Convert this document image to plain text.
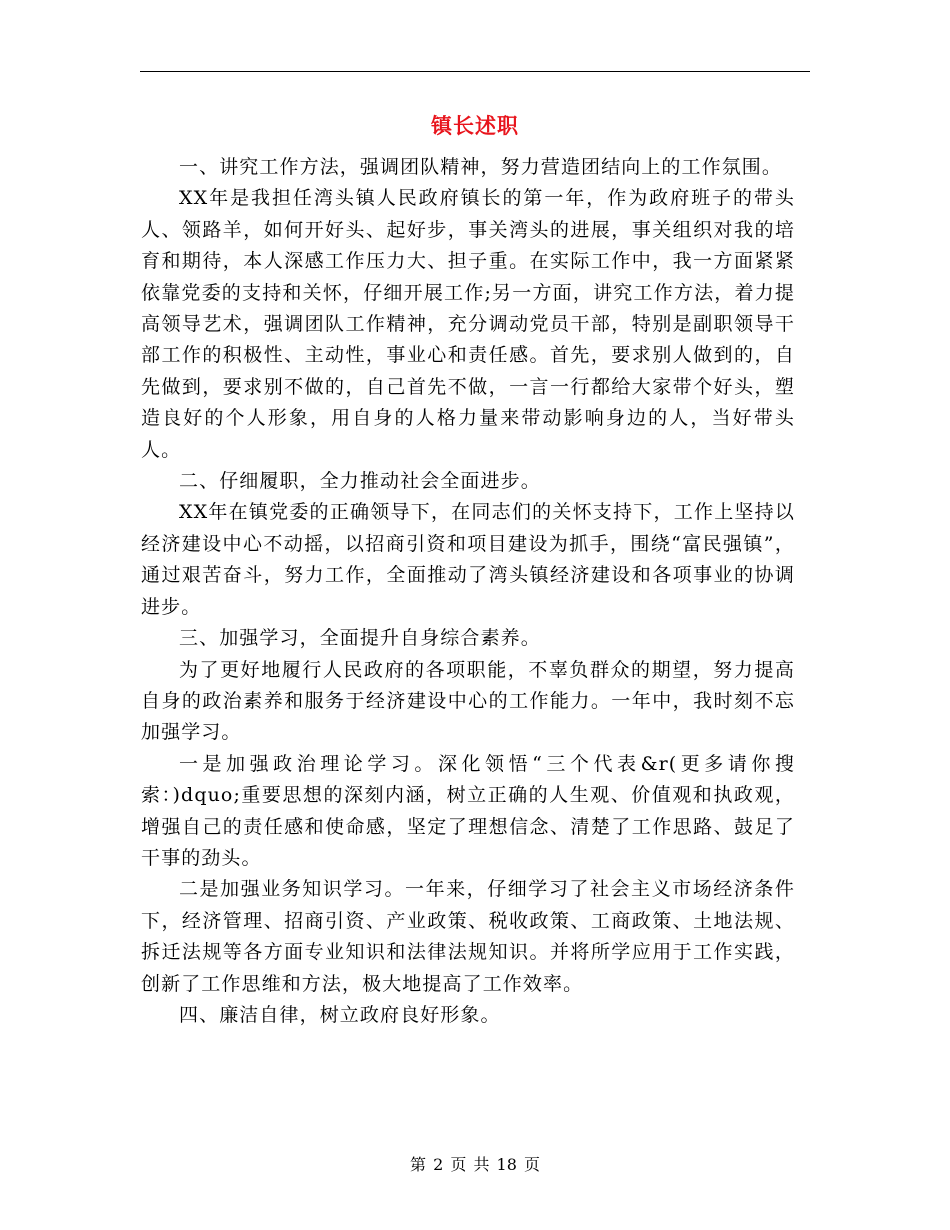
镇长述职

一、讲究工作方法，强调团队精神，努力营造团结向上的工作氛围。

XX年是我担任湾头镇人民政府镇长的第一年，作为政府班子的带头人、领路羊，如何开好头、起好步，事关湾头的进展，事关组织对我的培育和期待，本人深感工作压力大、担子重。在实际工作中，我一方面紧紧依靠党委的支持和关怀，仔细开展工作;另一方面，讲究工作方法，着力提高领导艺术，强调团队工作精神，充分调动党员干部，特别是副职领导干部工作的积极性、主动性，事业心和责任感。首先，要求别人做到的，自先做到，要求别不做的，自己首先不做，一言一行都给大家带个好头，塑造良好的个人形象，用自身的人格力量来带动影响身边的人，当好带头人。

二、仔细履职，全力推动社会全面进步。

XX年在镇党委的正确领导下，在同志们的关怀支持下，工作上坚持以经济建设中心不动摇，以招商引资和项目建设为抓手，围绕“富民强镇”，通过艰苦奋斗，努力工作，全面推动了湾头镇经济建设和各项事业的协调进步。

三、加强学习，全面提升自身综合素养。

为了更好地履行人民政府的各项职能，不辜负群众的期望，努力提高自身的政治素养和服务于经济建设中心的工作能力。一年中，我时刻不忘加强学习。

一是加强政治理论学习。深化领悟“三个代表&r(更多请你搜索：)dquo;重要思想的深刻内涵，树立正确的人生观、价值观和执政观，增强自己的责任感和使命感，坚定了理想信念、清楚了工作思路、鼓足了干事的劲头。

二是加强业务知识学习。一年来，仔细学习了社会主义市场经济条件下，经济管理、招商引资、产业政策、税收政策、工商政策、土地法规、拆迁法规等各方面专业知识和法律法规知识。并将所学应用于工作实践，创新了工作思维和方法，极大地提高了工作效率。

四、廉洁自律，树立政府良好形象。

第 2 页 共 18 页
